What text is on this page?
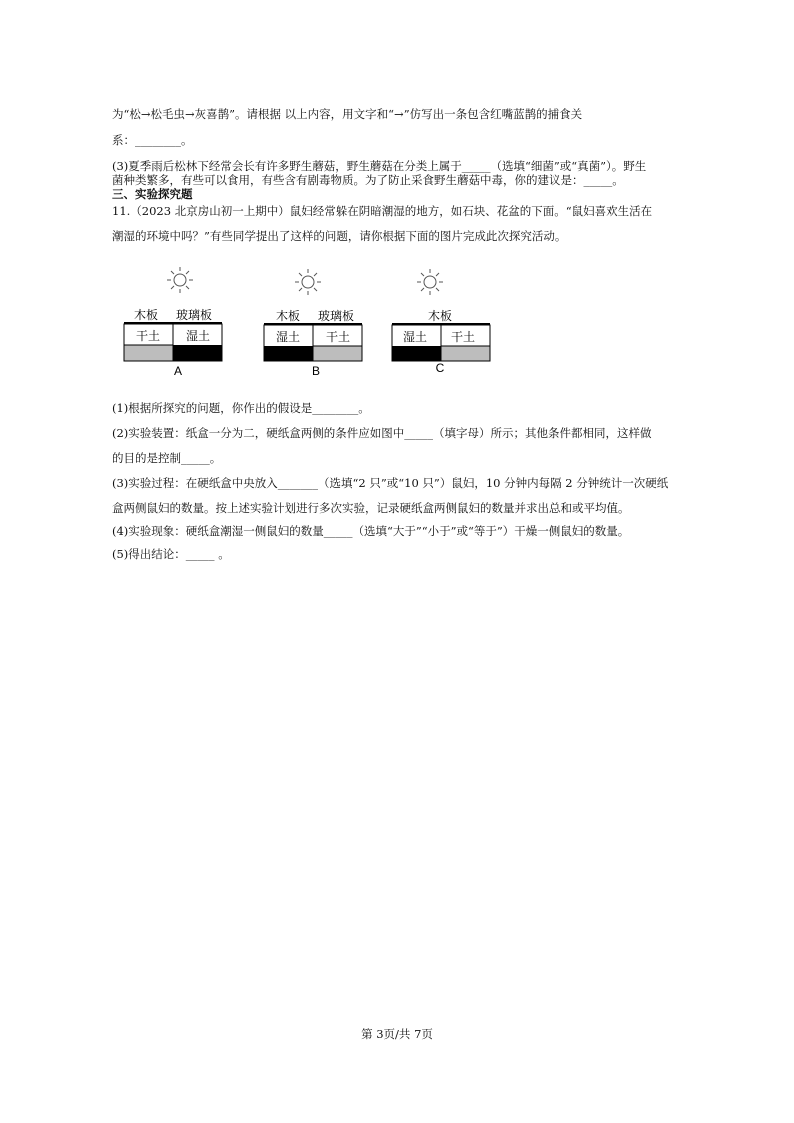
为“松→松毛虫→灰喜鹊”。请根据 以上内容，用文字和“→”仿写出一条包含红嘴蓝鹊的捕食关
系：________。
(3)夏季雨后松林下经常会长有许多野生蘑菇，野生蘑菇在分类上属于_____（选填“细菌”或“真菌”）。野生
菌种类繁多，有些可以食用，有些含有剧毒物质。为了防止采食野生蘑菇中毒，你的建议是：_____。
三、实验探究题
11.（2023 北京房山初一上期中）鼠妇经常躲在阴暗潮湿的地方，如石块、花盆的下面。“鼠妇喜欢生活在
潮湿的环境中吗？”有些同学提出了这样的问题，请你根据下面的图片完成此次探究活动。
木板 玻璃板
干土 湿土
A
木板 玻璃板
湿土 干土
B
木板
湿土 干土
C
(1)根据所探究的问题，你作出的假设是________。
(2)实验装置：纸盒一分为二，硬纸盒两侧的条件应如图中_____（填字母）所示；其他条件都相同，这样做
的目的是控制_____。
(3)实验过程：在硬纸盒中央放入_______（选填“2 只”或“10 只”）鼠妇，10 分钟内每隔 2 分钟统计一次硬纸
盒两侧鼠妇的数量。按上述实验计划进行多次实验，记录硬纸盒两侧鼠妇的数量并求出总和或平均值。
(4)实验现象：硬纸盒潮湿一侧鼠妇的数量_____（选填“大于”“小于”或“等于”）干燥一侧鼠妇的数量。
(5)得出结论：_____ 。
第 3页/共 7页
